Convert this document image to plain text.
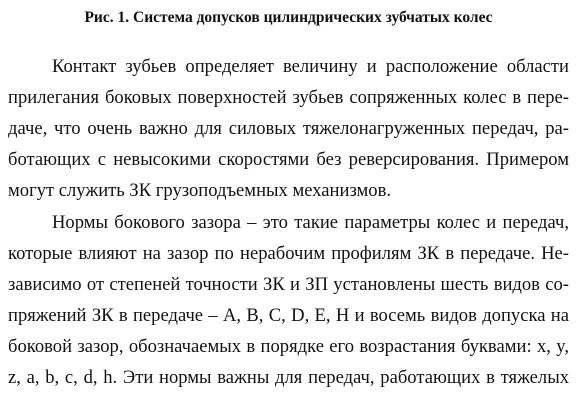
Рис. 1. Система допусков цилиндрических зубчатых колес

Контакт зубьев определяет величину и расположение области
прилегания боковых поверхностей зубьев сопряженных колес в пере-
даче, что очень важно для силовых тяжелонагруженных передач, ра-
ботающих с невысокими скоростями без реверсирования. Примером
могут служить ЗК грузоподъемных механизмов.
Нормы бокового зазора – это такие параметры колес и передач,
которые влияют на зазор по нерабочим профилям ЗК в передаче. Не-
зависимо от степеней точности ЗК и ЗП установлены шесть видов со-
пряжений ЗК в передаче – A, B, C, D, E, H и восемь видов допуска на
боковой зазор, обозначаемых в порядке его возрастания буквами: x, y,
z, a, b, c, d, h. Эти нормы важны для передач, работающих в тяжелых
